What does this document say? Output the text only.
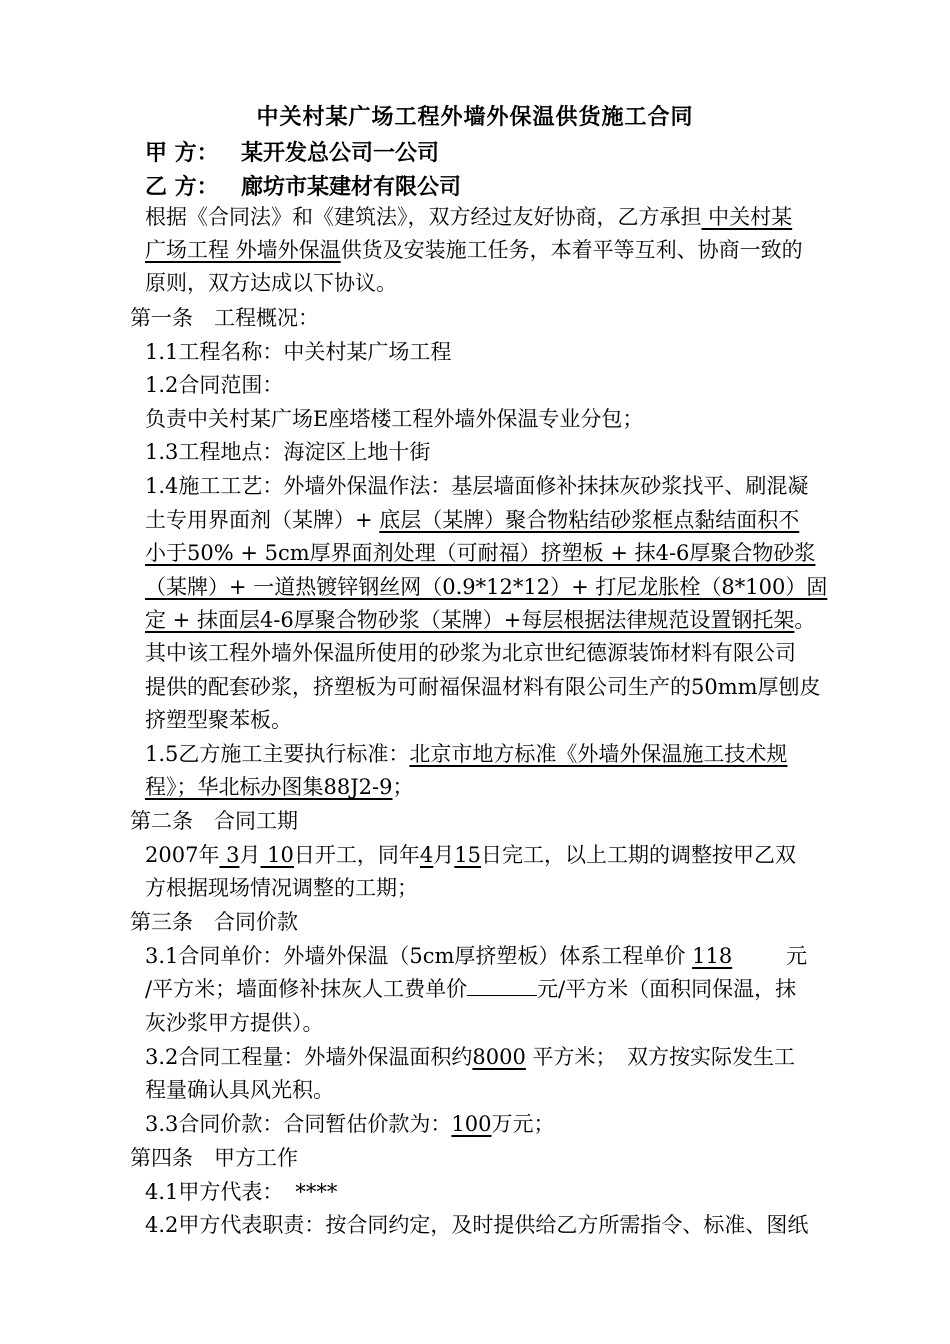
中关村某广场工程外墙外保温供货施工合同
甲 方： 某开发总公司一公司
乙 方： 廊坊市某建材有限公司
根据《合同法》和《建筑法》，双方经过友好协商，乙方承担 中关村某
广场工程 外墙外保温供货及安装施工任务，本着平等互利、协商一致的
原则，双方达成以下协议。
第一条　工程概况：
1.1工程名称：中关村某广场工程
1.2合同范围：
负责中关村某广场E座塔楼工程外墙外保温专业分包；
1.3工程地点：海淀区上地十街
1.4施工工艺：外墙外保温作法：基层墙面修补抹抹灰砂浆找平、刷混凝
土专用界面剂（某牌）+ 底层（某牌）聚合物粘结砂浆框点黏结面积不
小于50% + 5cm厚界面剂处理（可耐福）挤塑板 + 抹4-6厚聚合物砂浆
（某牌）+ 一道热镀锌钢丝网（0.9*12*12）+ 打尼龙胀栓（8*100）固
定 + 抹面层4-6厚聚合物砂浆（某牌）+每层根据法律规范设置钢托架。
其中该工程外墙外保温所使用的砂浆为北京世纪德源装饰材料有限公司
提供的配套砂浆，挤塑板为可耐福保温材料有限公司生产的50mm厚刨皮
挤塑型聚苯板。
1.5乙方施工主要执行标准：北京市地方标准《外墙外保温施工技术规
程》；华北标办图集88J2-9；
第二条　合同工期
2007年 3月 10日开工，同年4月15日完工，以上工期的调整按甲乙双
方根据现场情况调整的工期；
第三条　合同价款
3.1合同单价：外墙外保温（5cm厚挤塑板）体系工程单价 118	元
/平方米；墙面修补抹灰人工费单价	元/平方米（面积同保温，抹
灰沙浆甲方提供）。
3.2合同工程量：外墙外保温面积约8000 平方米；　双方按实际发生工
程量确认具风光积。
3.3合同价款：合同暂估价款为：100万元；
第四条　甲方工作
4.1甲方代表： ****
4.2甲方代表职责：按合同约定，及时提供给乙方所需指令、标准、图纸
